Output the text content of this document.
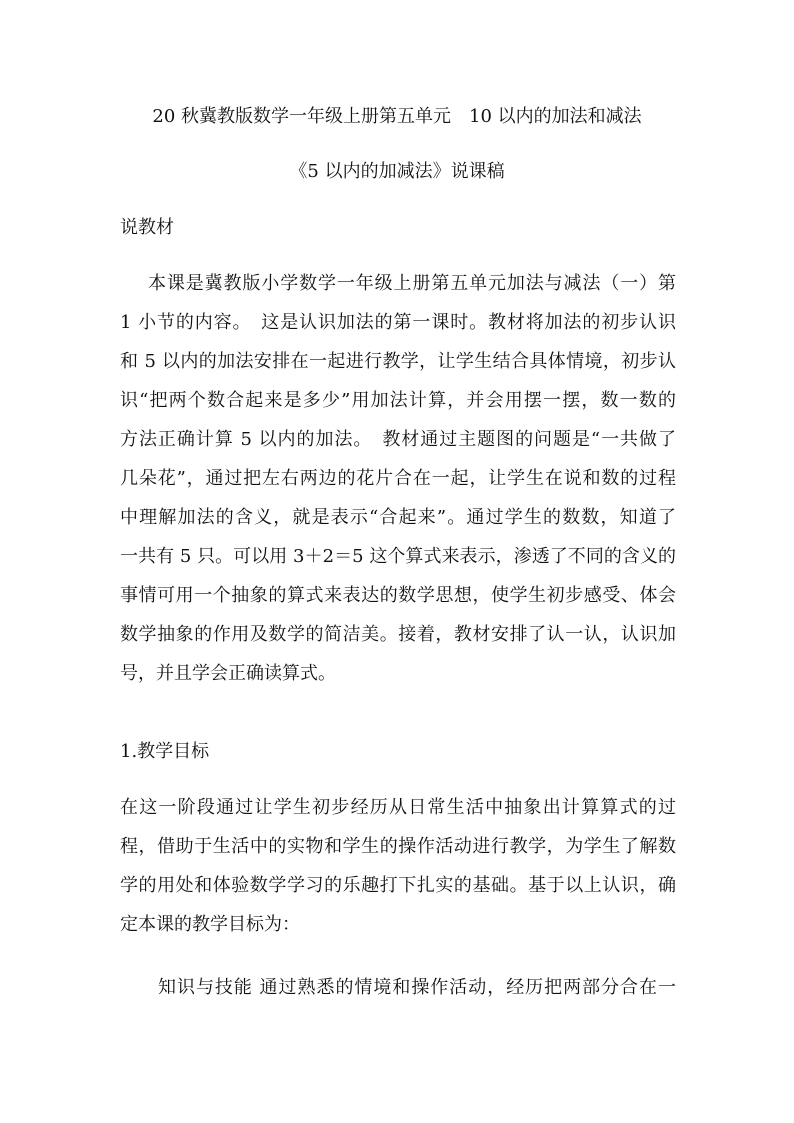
20 秋冀教版数学一年级上册第五单元　10 以内的加法和减法
《5 以内的加减法》说课稿
说教材
本课是冀教版小学数学一年级上册第五单元加法与减法（一）第
1 小节的内容。　这是认识加法的第一课时。教材将加法的初步认识
和 5 以内的加法安排在一起进行教学，让学生结合具体情境，初步认
识“把两个数合起来是多少”用加法计算，并会用摆一摆，数一数的
方法正确计算 5 以内的加法。　教材通过主题图的问题是“一共做了
几朵花”，通过把左右两边的花片合在一起，让学生在说和数的过程
中理解加法的含义，就是表示“合起来”。通过学生的数数，知道了
一共有 5 只。可以用 3＋2＝5 这个算式来表示，渗透了不同的含义的
事情可用一个抽象的算式来表达的数学思想，使学生初步感受、体会
数学抽象的作用及数学的简洁美。接着，教材安排了认一认，认识加
号，并且学会正确读算式。
1.教学目标
在这一阶段通过让学生初步经历从日常生活中抽象出计算算式的过
程，借助于生活中的实物和学生的操作活动进行教学，为学生了解数
学的用处和体验数学学习的乐趣打下扎实的基础。基于以上认识，确
定本课的教学目标为：
知识与技能 通过熟悉的情境和操作活动，经历把两部分合在一
